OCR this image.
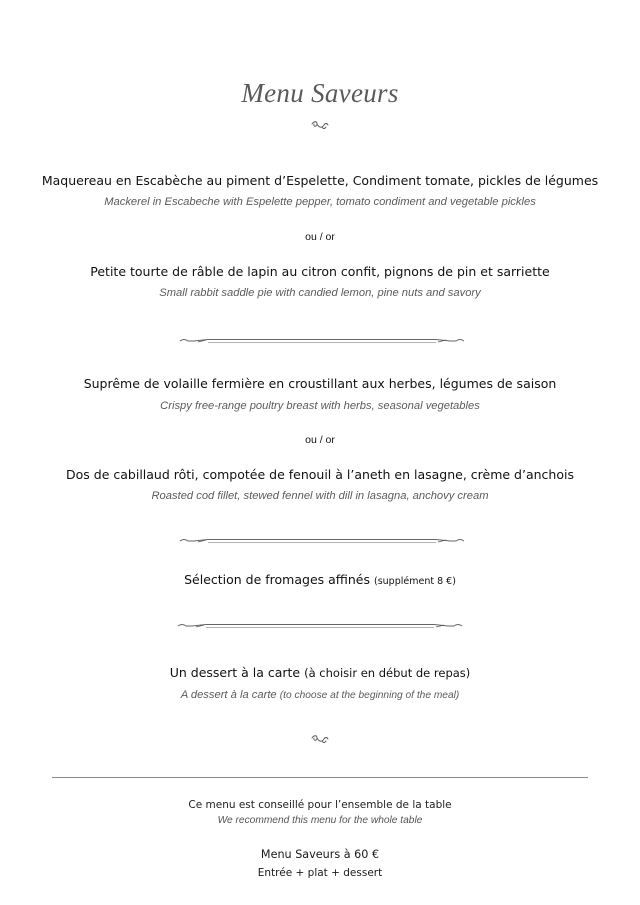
Menu Saveurs
Maquereau en Escabèche au piment d’Espelette, Condiment tomate, pickles de légumes
Mackerel in Escabeche with Espelette pepper, tomato condiment and vegetable pickles
ou / or
Petite tourte de râble de lapin au citron confit, pignons de pin et sarriette
Small rabbit saddle pie with candied lemon, pine nuts and savory
Suprême de volaille fermière en croustillant aux herbes, légumes de saison
Crispy free-range poultry breast with herbs, seasonal vegetables
ou / or
Dos de cabillaud rôti, compotée de fenouil à l’aneth en lasagne, crème d’anchois
Roasted cod fillet, stewed fennel with dill in lasagna, anchovy cream
Sélection de fromages affinés (supplément 8 €)
Un dessert à la carte (à choisir en début de repas)
A dessert à la carte (to choose at the beginning of the meal)
Ce menu est conseillé pour l’ensemble de la table
We recommend this menu for the whole table
Menu Saveurs à 60 €
Entrée + plat + dessert
